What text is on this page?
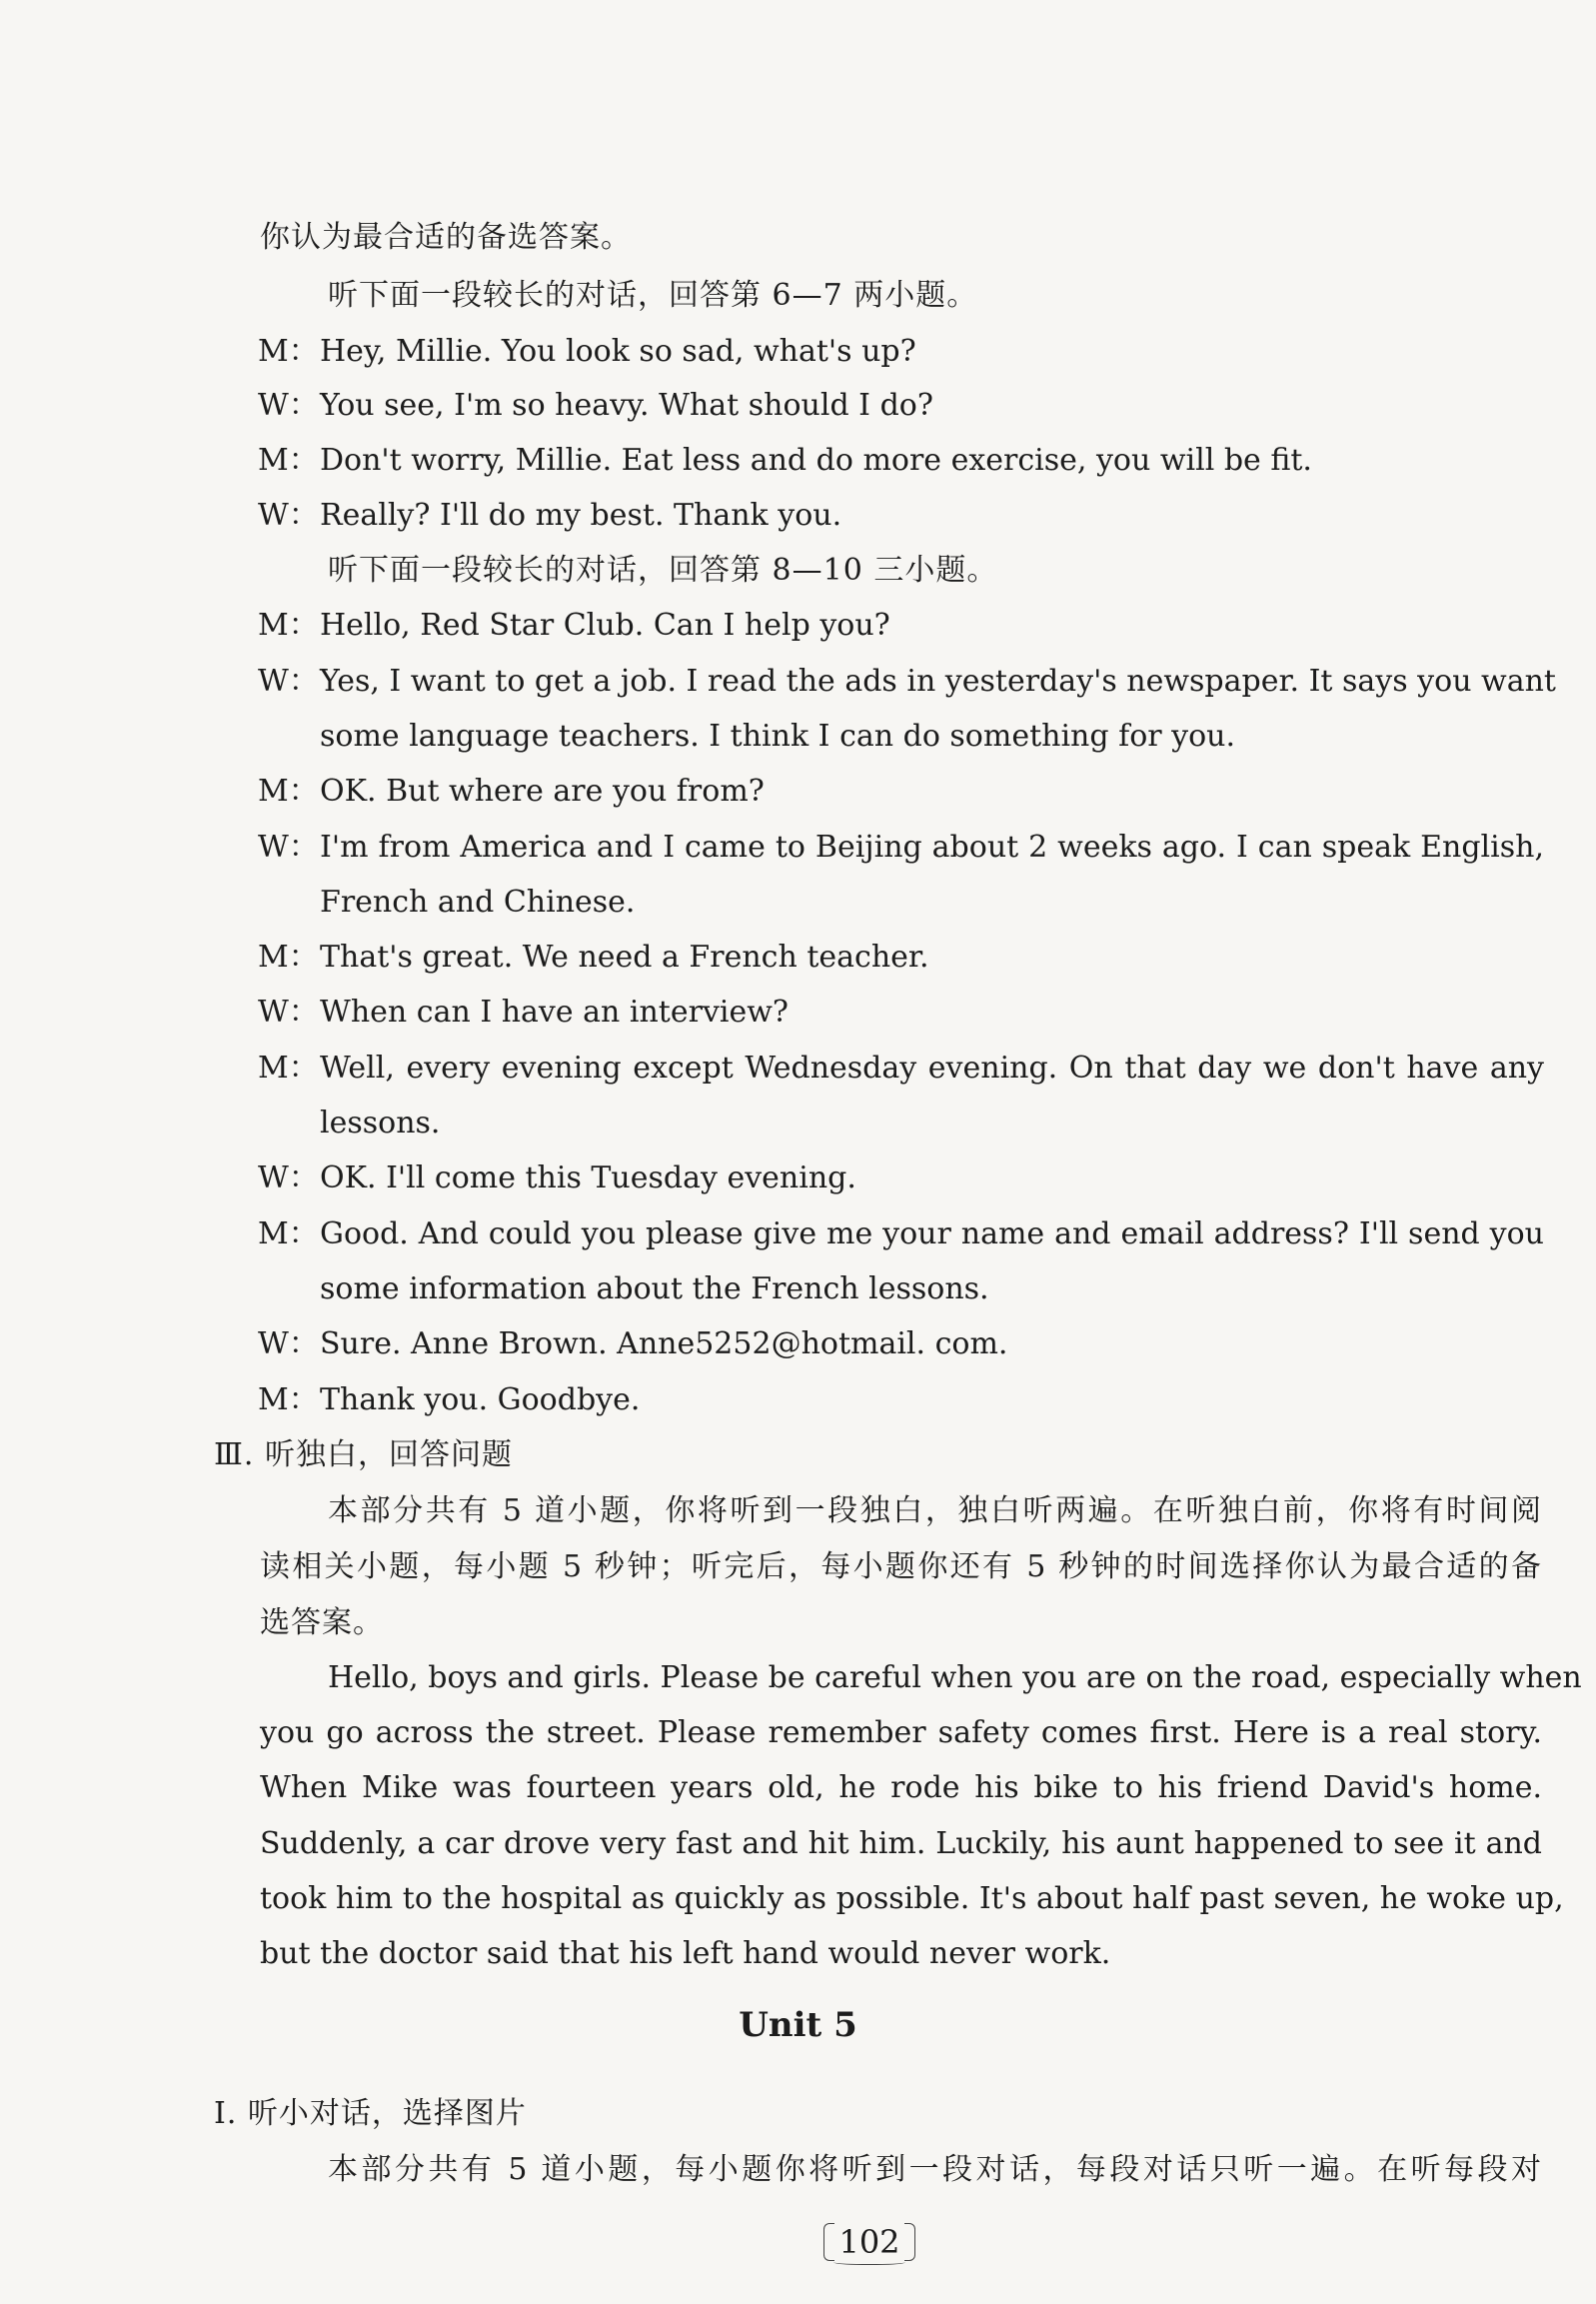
你认为最合适的备选答案。
听下面一段较长的对话，回答第 6—7 两小题。
M： Hey, Millie. You look so sad, what's up?
W： You see, I'm so heavy. What should I do?
M： Don't worry, Millie. Eat less and do more exercise, you will be fit.
W： Really? I'll do my best. Thank you.
听下面一段较长的对话，回答第 8—10 三小题。
M： Hello, Red Star Club. Can I help you?
W： Yes, I want to get a job. I read the ads in yesterday's newspaper. It says you want
some language teachers. I think I can do something for you.
M： OK. But where are you from?
W： I'm from America and I came to Beijing about 2 weeks ago. I can speak English,
French and Chinese.
M： That's great. We need a French teacher.
W： When can I have an interview?
M： Well, every evening except Wednesday evening. On that day we don't have any
lessons.
W： OK. I'll come this Tuesday evening.
M： Good. And could you please give me your name and email address? I'll send you
some information about the French lessons.
W： Sure. Anne Brown. Anne5252@hotmail. com.
M： Thank you. Goodbye.
Ⅲ. 听独白，回答问题
本部分共有 5 道小题，你将听到一段独白，独白听两遍。在听独白前，你将有时间阅
读相关小题，每小题 5 秒钟；听完后，每小题你还有 5 秒钟的时间选择你认为最合适的备
选答案。
Hello, boys and girls. Please be careful when you are on the road, especially when
you go across the street. Please remember safety comes first. Here is a real story.
When Mike was fourteen years old, he rode his bike to his friend David's home.
Suddenly, a car drove very fast and hit him. Luckily, his aunt happened to see it and
took him to the hospital as quickly as possible. It's about half past seven, he woke up,
but the doctor said that his left hand would never work.
Unit 5
Ⅰ. 听小对话，选择图片
本部分共有 5 道小题，每小题你将听到一段对话，每段对话只听一遍。在听每段对
102
